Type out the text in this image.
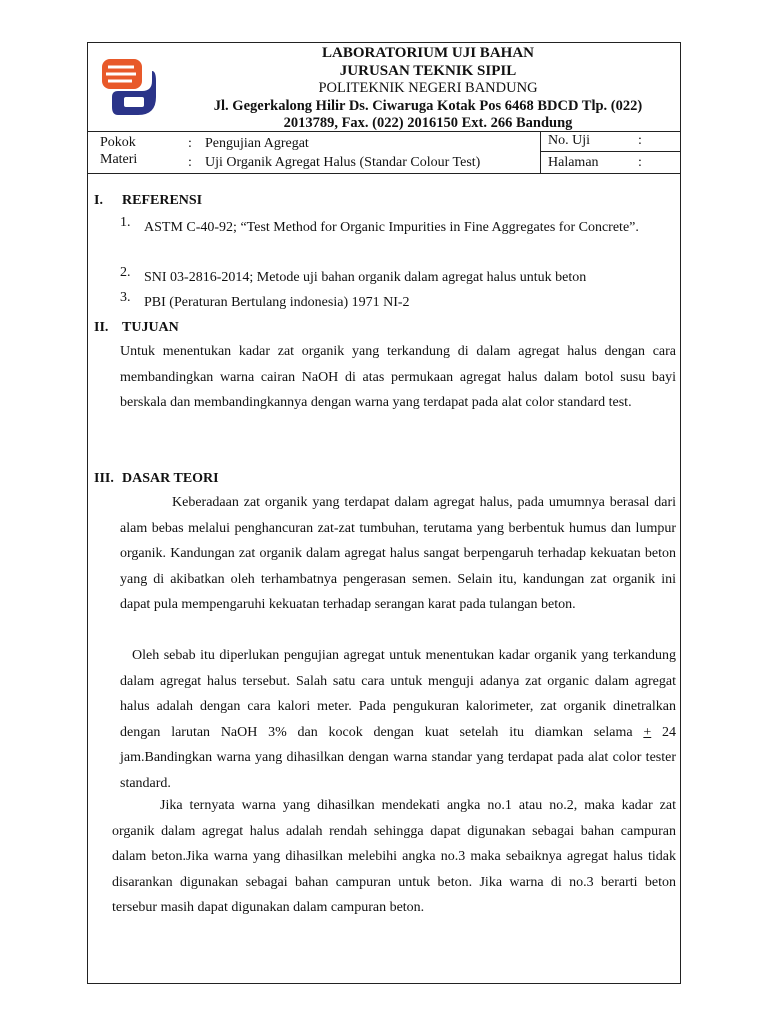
LABORATORIUM UJI BAHAN
JURUSAN TEKNIK SIPIL
POLITEKNIK NEGERI BANDUNG
Jl. Gegerkalong Hilir Ds. Ciwaruga Kotak Pos 6468 BDCD Tlp. (022)
2013789, Fax. (022) 2016150 Ext. 266 Bandung
Pokok
Materi
:
:
Pengujian Agregat
Uji Organik Agregat Halus (Standar Colour Test)
No. Uji	:
Halaman	:
I. REFERENSI
1. ASTM C-40-92; “Test Method for Organic Impurities in Fine Aggregates for Concrete”.
2. SNI 03-2816-2014; Metode uji bahan organik dalam agregat halus untuk beton
3. PBI (Peraturan Bertulang indonesia) 1971 NI-2
II. TUJUAN
Untuk menentukan kadar zat organik yang terkandung di dalam agregat halus dengan cara membandingkan warna cairan NaOH di atas permukaan agregat halus dalam botol susu bayi berskala dan membandingkannya dengan warna yang terdapat pada alat color standard test.
III. DASAR TEORI
Keberadaan zat organik yang terdapat dalam agregat halus, pada umumnya berasal dari alam bebas melalui penghancuran zat-zat tumbuhan, terutama yang berbentuk humus dan lumpur organik. Kandungan zat organik dalam agregat halus sangat berpengaruh terhadap kekuatan beton yang di akibatkan oleh terhambatnya pengerasan semen. Selain itu, kandungan zat organik ini dapat pula mempengaruhi kekuatan terhadap serangan karat pada tulangan beton.
Oleh sebab itu diperlukan pengujian agregat untuk menentukan kadar organik yang terkandung dalam agregat halus tersebut. Salah satu cara untuk menguji adanya zat organic dalam agregat halus adalah dengan cara kalori meter. Pada pengukuran kalorimeter, zat organik dinetralkan dengan larutan NaOH 3% dan kocok dengan kuat setelah itu diamkan selama + 24 jam.Bandingkan warna yang dihasilkan dengan warna standar yang terdapat pada alat color tester standard.
Jika ternyata warna yang dihasilkan mendekati angka no.1 atau no.2, maka kadar zat organik dalam agregat halus adalah rendah sehingga dapat digunakan sebagai bahan campuran dalam beton.Jika warna yang dihasilkan melebihi angka no.3 maka sebaiknya agregat halus tidak disarankan digunakan sebagai bahan campuran untuk beton. Jika warna di no.3 berarti beton tersebur masih dapat digunakan dalam campuran beton.
